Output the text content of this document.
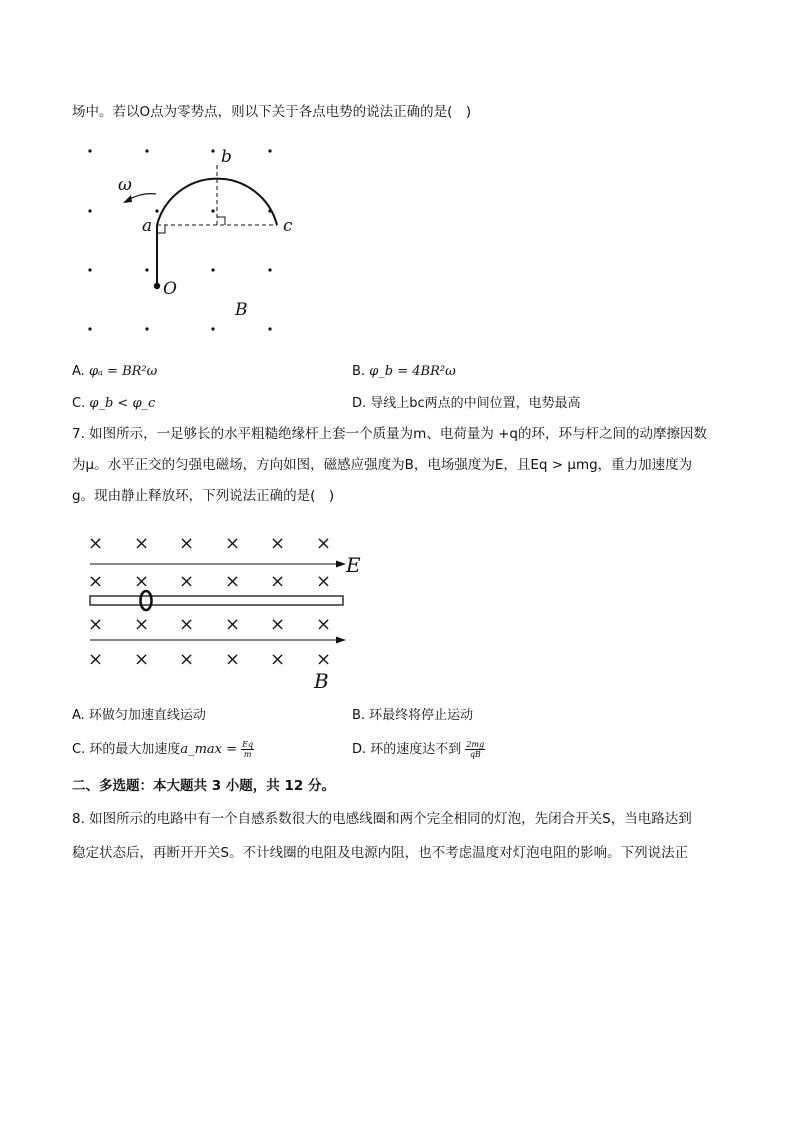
场中。若以O点为零势点，则以下关于各点电势的说法正确的是(　)
ω
b
a	c
O
B
A. φₐ = BR²ω	B. φ_b = 4BR²ω
C. φ_b < φ_c	D. 导线上bc两点的中间位置，电势最高
7. 如图所示，一足够长的水平粗糙绝缘杆上套一个质量为m、电荷量为 +q的环，环与杆之间的动摩擦因数
为μ。水平正交的匀强电磁场，方向如图，磁感应强度为B，电场强度为E，且Eq > μmg，重力加速度为
g。现由静止释放环，下列说法正确的是(　)
× × × × × ×
× × × × × ×
× × × × × ×
× × × × × ×
E
B
A. 环做匀加速直线运动	B. 环最终将停止运动
C. 环的最大加速度a_max = $\frac{Eq}{m}$	D. 环的速度达不到 $\frac{2mg}{qB}$
二、多选题：本大题共 3 小题，共 12 分。
8. 如图所示的电路中有一个自感系数很大的电感线圈和两个完全相同的灯泡，先闭合开关S，当电路达到
稳定状态后，再断开开关S。不计线圈的电阻及电源内阻，也不考虑温度对灯泡电阻的影响。下列说法正
